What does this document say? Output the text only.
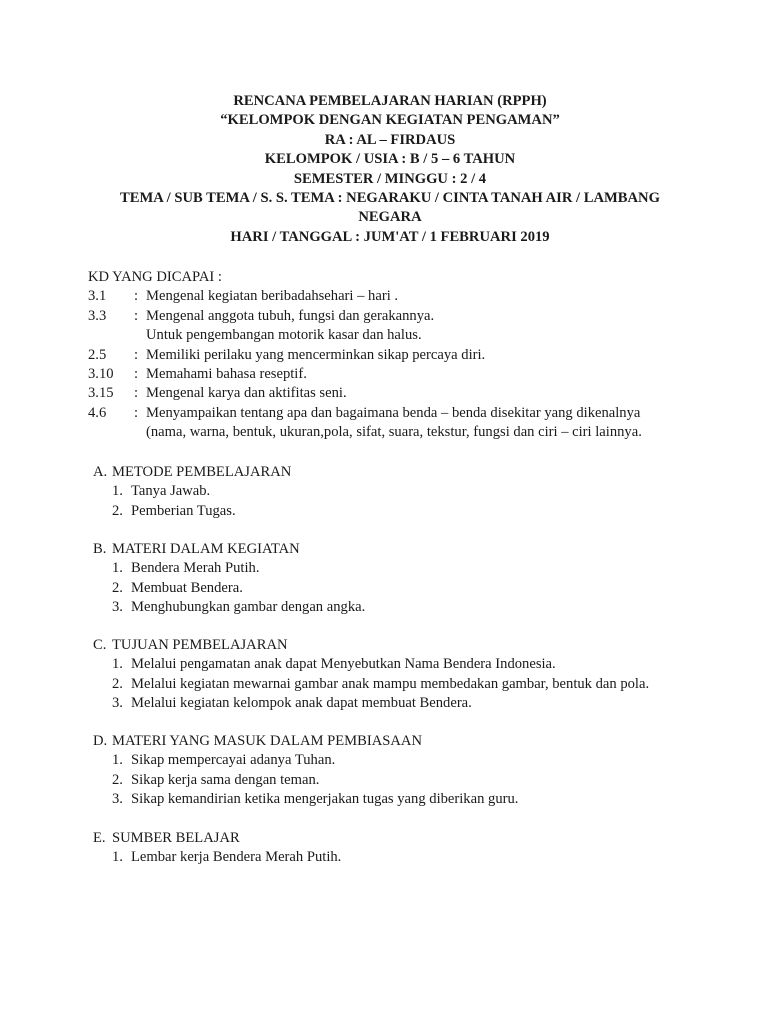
RENCANA PEMBELAJARAN HARIAN (RPPH)
“KELOMPOK DENGAN KEGIATAN PENGAMAN”
RA : AL – FIRDAUS
KELOMPOK / USIA : B / 5 – 6 TAHUN
SEMESTER / MINGGU : 2 / 4
TEMA / SUB TEMA / S. S. TEMA : NEGARAKU / CINTA TANAH AIR / LAMBANG
NEGARA
HARI / TANGGAL : JUM'AT / 1 FEBRUARI 2019
KD YANG DICAPAI :
3.1	: Mengenal kegiatan beribadahsehari – hari .
3.3	: Mengenal anggota tubuh, fungsi dan gerakannya.
Untuk pengembangan motorik kasar dan halus.
2.5	: Memiliki perilaku yang mencerminkan sikap percaya diri.
3.10	: Memahami bahasa reseptif.
3.15	: Mengenal karya dan aktifitas seni.
4.6	: Menyampaikan tentang apa dan bagaimana benda – benda disekitar yang dikenalnya
(nama, warna, bentuk, ukuran,pola, sifat, suara, tekstur, fungsi dan ciri – ciri lainnya.
A. METODE PEMBELAJARAN
1. Tanya Jawab.
2. Pemberian Tugas.
B. MATERI DALAM KEGIATAN
1. Bendera Merah Putih.
2. Membuat Bendera.
3. Menghubungkan gambar dengan angka.
C. TUJUAN PEMBELAJARAN
1. Melalui pengamatan anak dapat Menyebutkan Nama Bendera Indonesia.
2. Melalui kegiatan mewarnai gambar anak mampu membedakan gambar, bentuk dan pola.
3. Melalui kegiatan kelompok anak dapat membuat Bendera.
D. MATERI YANG MASUK DALAM PEMBIASAAN
1. Sikap mempercayai adanya Tuhan.
2. Sikap kerja sama dengan teman.
3. Sikap kemandirian ketika mengerjakan tugas yang diberikan guru.
E. SUMBER BELAJAR
1. Lembar kerja Bendera Merah Putih.
